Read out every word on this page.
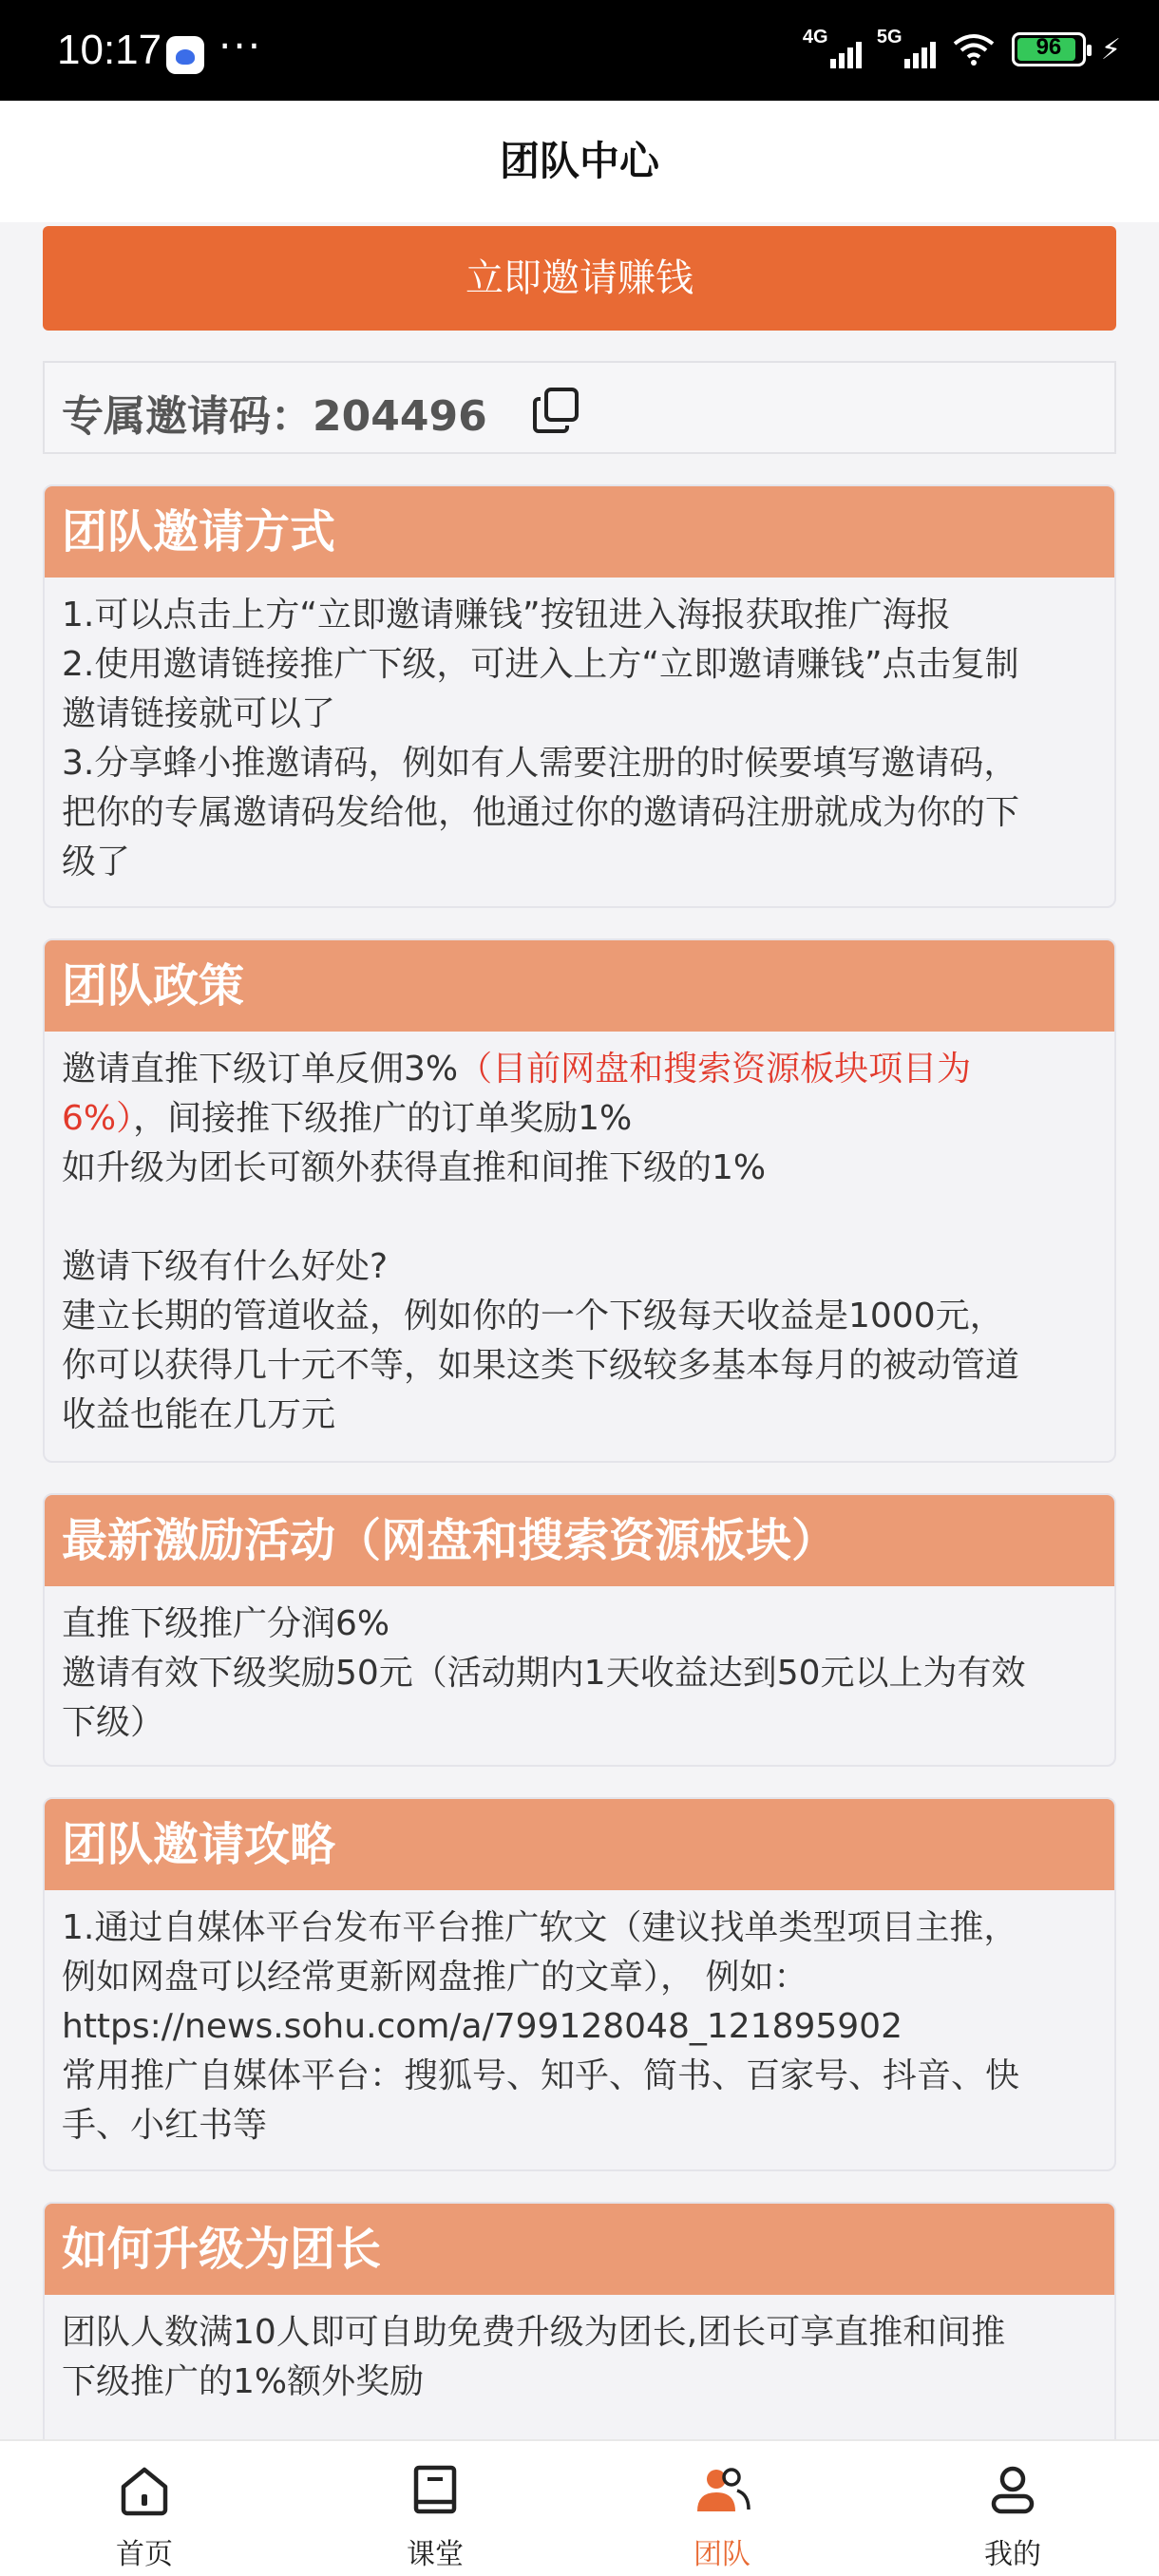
10:17 ···	4G	5G	96	⚡
团队中心
立即邀请赚钱
专属邀请码：204496
团队邀请方式
1.可以点击上方“立即邀请赚钱”按钮进入海报获取推广海报
2.使用邀请链接推广下级，可进入上方“立即邀请赚钱”点击复制
邀请链接就可以了
3.分享蜂小推邀请码，例如有人需要注册的时候要填写邀请码，
把你的专属邀请码发给他，他通过你的邀请码注册就成为你的下
级了
团队政策
邀请直推下级订单反佣3%（目前网盘和搜索资源板块项目为
6%），间接推下级推广的订单奖励1%
如升级为团长可额外获得直推和间推下级的1%
邀请下级有什么好处?
建立长期的管道收益，例如你的一个下级每天收益是1000元，
你可以获得几十元不等，如果这类下级较多基本每月的被动管道
收益也能在几万元
最新激励活动（网盘和搜索资源板块）
直推下级推广分润6%
邀请有效下级奖励50元（活动期内1天收益达到50元以上为有效
下级）
团队邀请攻略
1.通过自媒体平台发布平台推广软文（建议找单类型项目主推，
例如网盘可以经常更新网盘推广的文章）， 例如：
https://news.sohu.com/a/799128048_121895902
常用推广自媒体平台：搜狐号、知乎、简书、百家号、抖音、快
手、小红书等
如何升级为团长
团队人数满10人即可自助免费升级为团长,团长可享直推和间推
下级推广的1%额外奖励
首页	课堂	团队	我的
